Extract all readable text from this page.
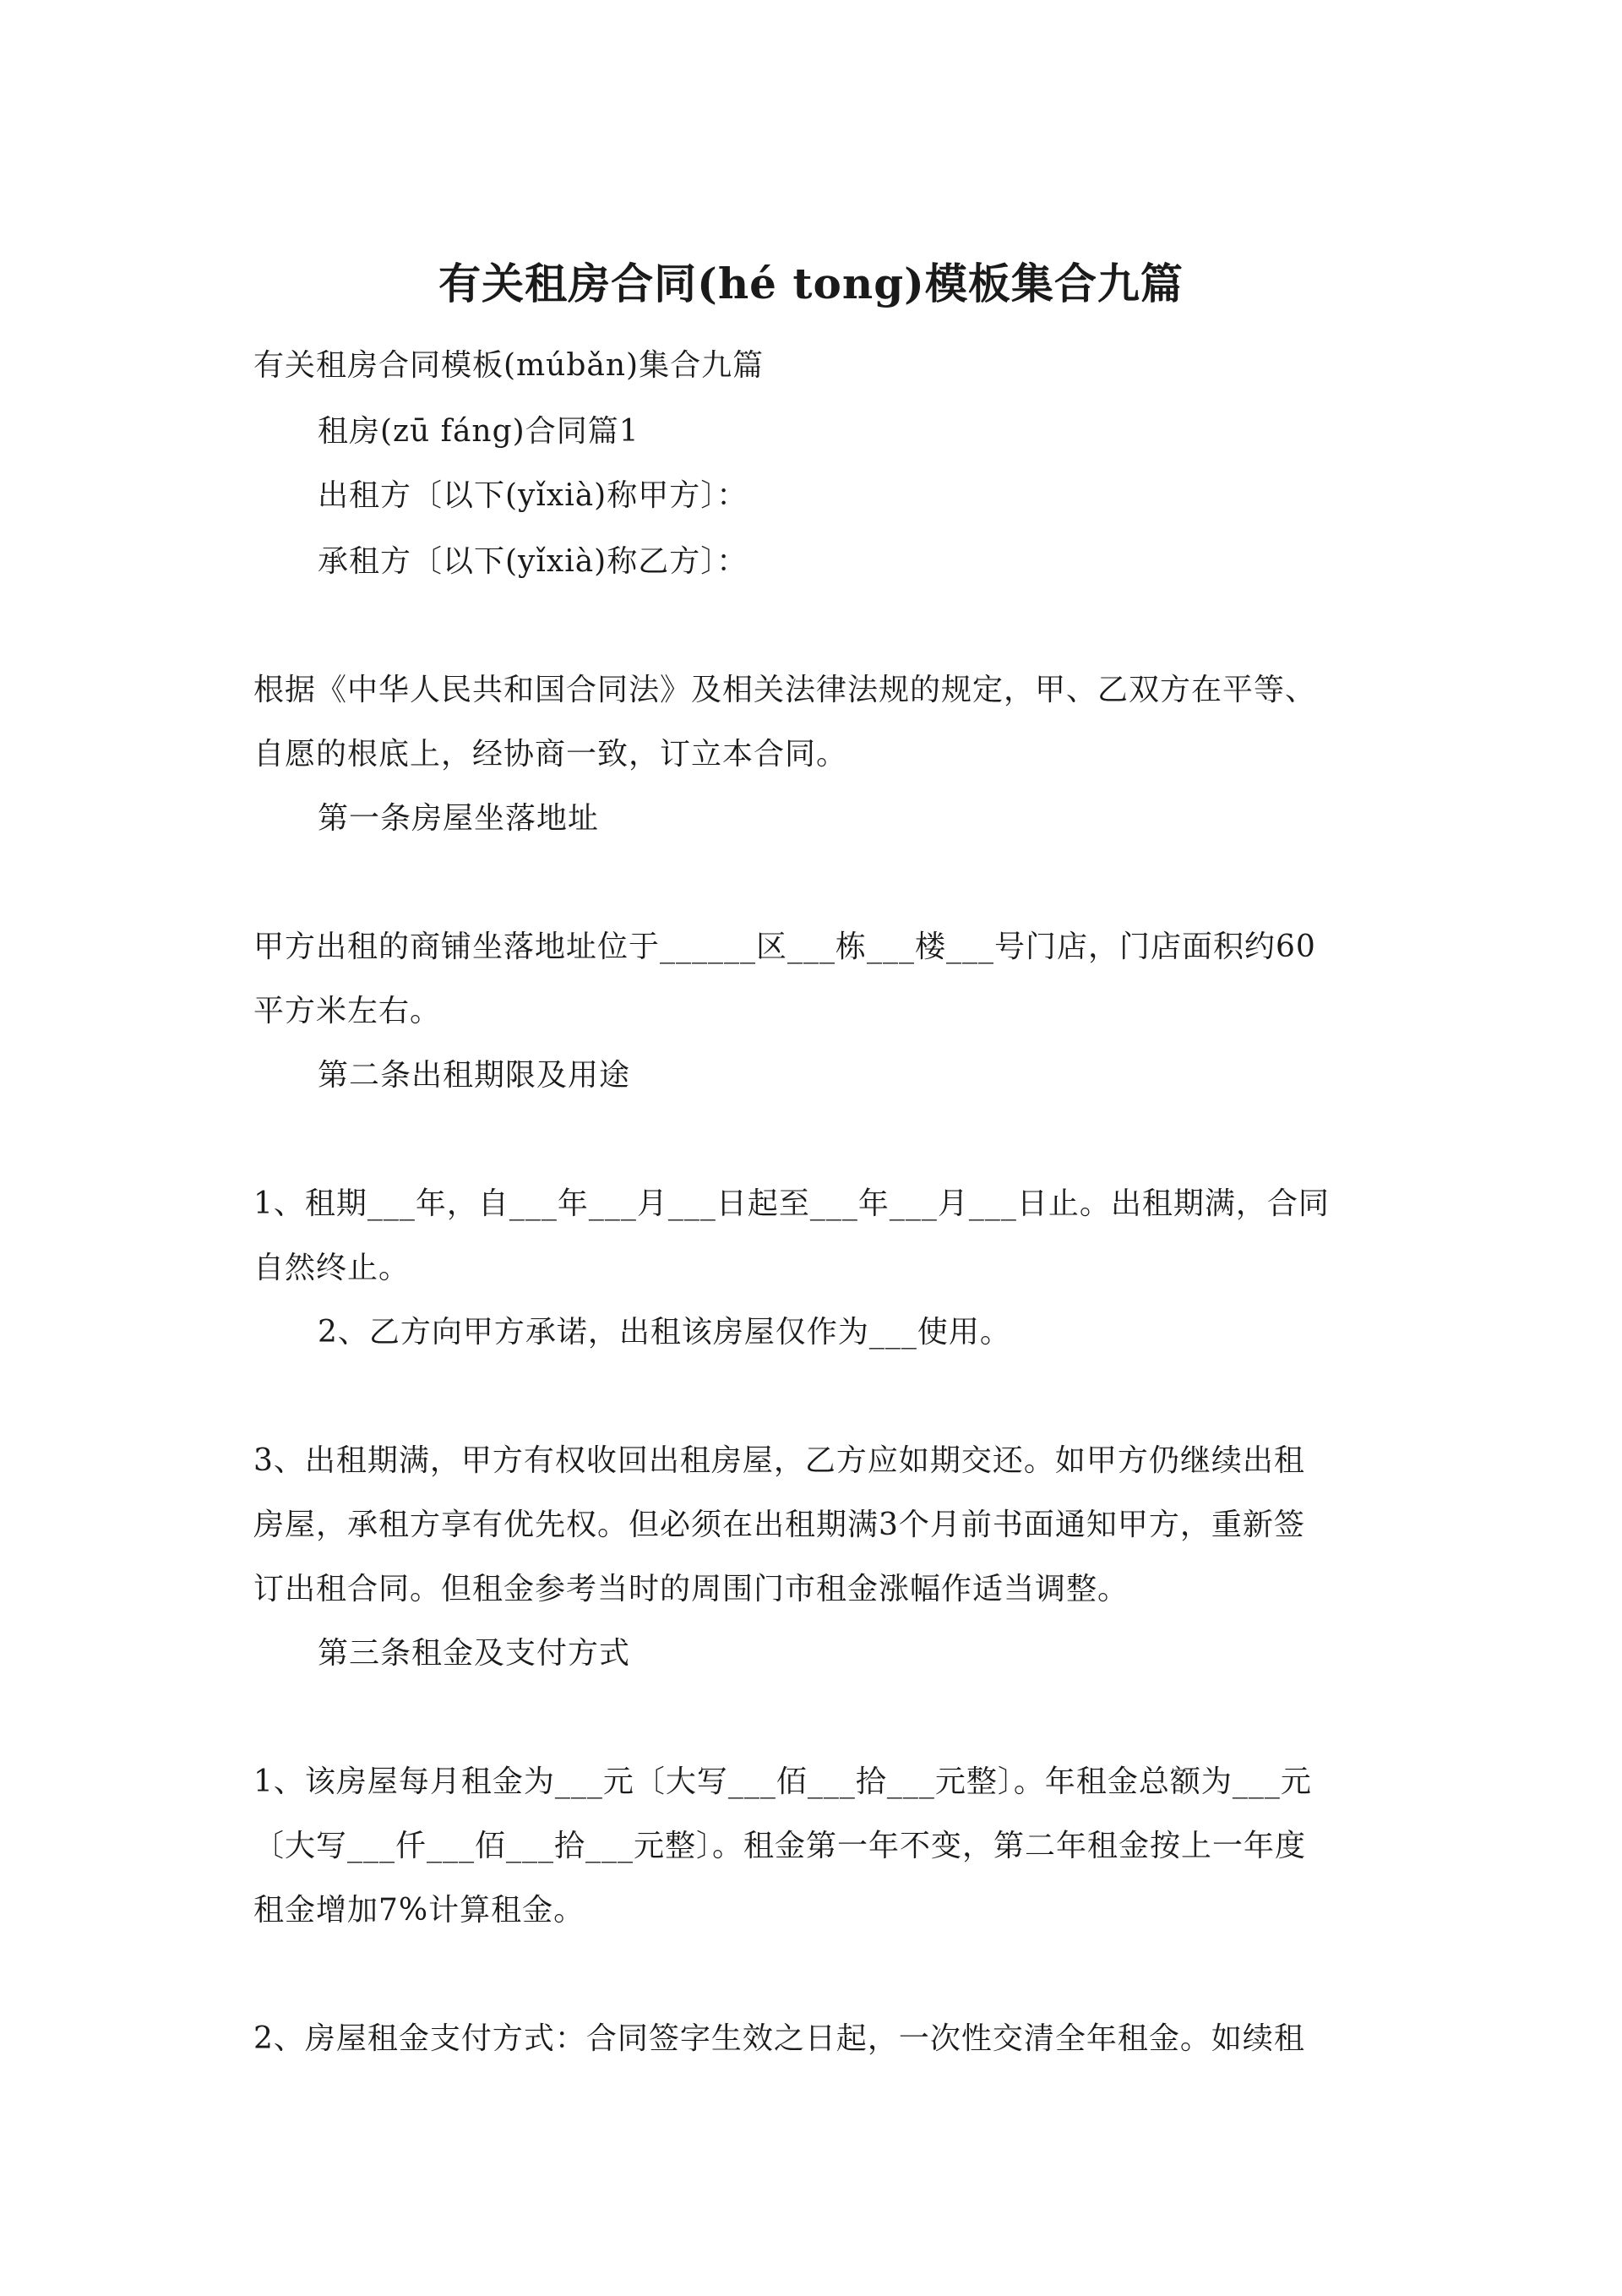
有关租房合同(hé tong)模板集合九篇
有关租房合同模板(múbǎn)集合九篇
租房(zū fáng)合同篇1
出租方〔以下(yǐxià)称甲方〕：
承租方〔以下(yǐxià)称乙方〕：
根据《中华人民共和国合同法》及相关法律法规的规定，甲、乙双方在平等、
自愿的根底上，经协商一致，订立本合同。
第一条房屋坐落地址
甲方出租的商铺坐落地址位于______区___栋___楼___号门店，门店面积约60
平方米左右。
第二条出租期限及用途
1、租期___年，自___年___月___日起至___年___月___日止。出租期满，合同
自然终止。
2、乙方向甲方承诺，出租该房屋仅作为___使用。
3、出租期满，甲方有权收回出租房屋，乙方应如期交还。如甲方仍继续出租
房屋，承租方享有优先权。但必须在出租期满3个月前书面通知甲方，重新签
订出租合同。但租金参考当时的周围门市租金涨幅作适当调整。
第三条租金及支付方式
1、该房屋每月租金为___元〔大写___佰___拾___元整〕。年租金总额为___元
〔大写___仟___佰___拾___元整〕。租金第一年不变，第二年租金按上一年度
租金增加7%计算租金。
2、房屋租金支付方式：合同签字生效之日起，一次性交清全年租金。如续租
